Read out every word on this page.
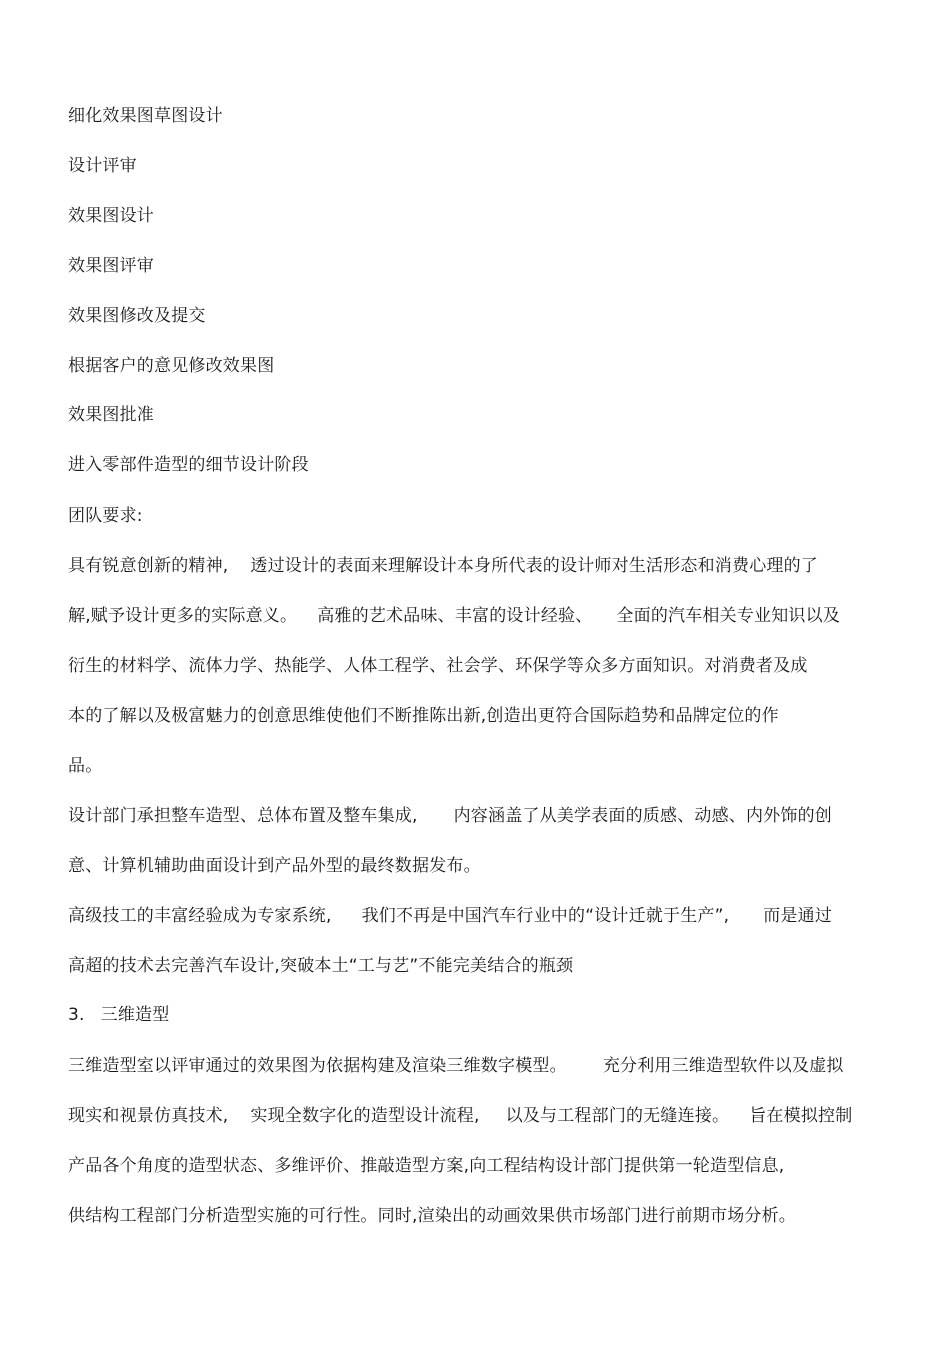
细化效果图草图设计
设计评审
效果图设计
效果图评审
效果图修改及提交
根据客户的意见修改效果图
效果图批准
进入零部件造型的细节设计阶段
团队要求:
具有锐意创新的精神, 透过设计的表面来理解设计本身所代表的设计师对生活形态和消费心理的了
解,赋予设计更多的实际意义。 高雅的艺术品味、丰富的设计经验、 全面的汽车相关专业知识以及
衍生的材料学、流体力学、热能学、人体工程学、社会学、环保学等众多方面知识。对消费者及成
本的了解以及极富魅力的创意思维使他们不断推陈出新,创造出更符合国际趋势和品牌定位的作
品。
设计部门承担整车造型、总体布置及整车集成, 内容涵盖了从美学表面的质感、动感、内外饰的创
意、计算机辅助曲面设计到产品外型的最终数据发布。
高级技工的丰富经验成为专家系统, 我们不再是中国汽车行业中的“设计迁就于生产”, 而是通过
高超的技术去完善汽车设计,突破本土“工与艺”不能完美结合的瓶颈
3. 三维造型
三维造型室以评审通过的效果图为依据构建及渲染三维数字模型。 充分利用三维造型软件以及虚拟
现实和视景仿真技术, 实现全数字化的造型设计流程, 以及与工程部门的无缝连接。 旨在模拟控制
产品各个角度的造型状态、多维评价、推敲造型方案,向工程结构设计部门提供第一轮造型信息,
供结构工程部门分析造型实施的可行性。同时,渲染出的动画效果供市场部门进行前期市场分析。
